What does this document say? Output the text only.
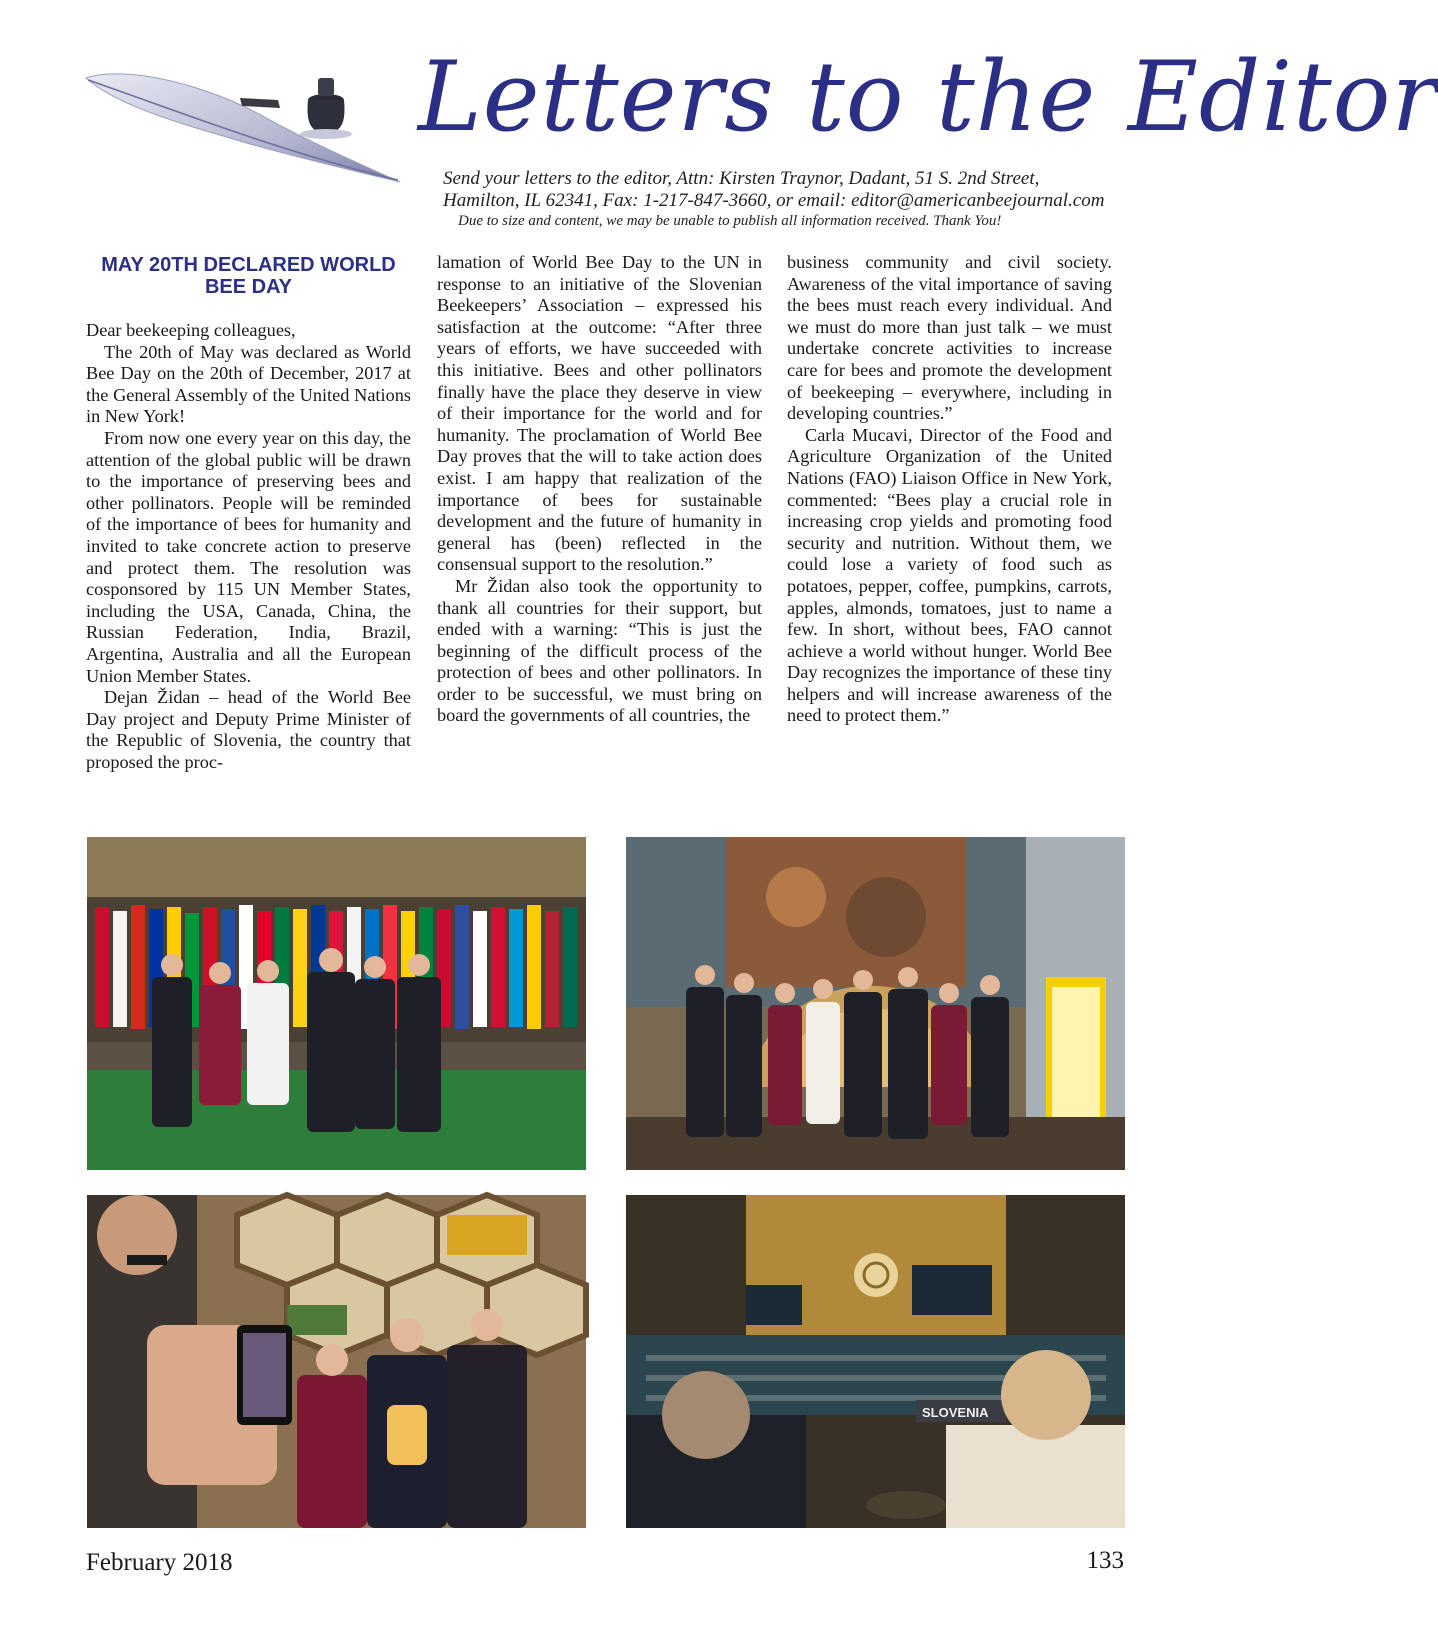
Letters to the Editor
Send your letters to the editor, Attn: Kirsten Traynor, Dadant, 51 S. 2nd Street,
Hamilton, IL 62341, Fax: 1-217-847-3660, or email: editor@americanbeejournal.com
Due to size and content, we may be unable to publish all information received. Thank You!
MAY 20TH DECLARED WORLD BEE DAY

Dear beekeeping colleagues,

The 20th of May was declared as World Bee Day on the 20th of December, 2017 at the General Assembly of the United Nations in New York!

From now one every year on this day, the attention of the global public will be drawn to the importance of preserving bees and other pollinators. People will be reminded of the importance of bees for humanity and invited to take concrete action to preserve and protect them. The resolution was cosponsored by 115 UN Member States, including the USA, Canada, China, the Russian Federation, India, Brazil, Argentina, Australia and all the European Union Member States.

Dejan Židan – head of the World Bee Day project and Deputy Prime Minister of the Republic of Slovenia, the country that proposed the proc-

lamation of World Bee Day to the UN in response to an initiative of the Slovenian Beekeepers’ Association – expressed his satisfaction at the outcome: “After three years of efforts, we have succeeded with this initiative. Bees and other pollinators finally have the place they deserve in view of their importance for the world and for humanity. The proclamation of World Bee Day proves that the will to take action does exist. I am happy that realization of the importance of bees for sustainable development and the future of humanity in general has (been) reflected in the consensual support to the resolution.”

Mr Židan also took the opportunity to thank all countries for their support, but ended with a warning: “This is just the beginning of the difficult process of the protection of bees and other pollinators. In order to be successful, we must bring on board the governments of all countries, the

business community and civil society. Awareness of the vital importance of saving the bees must reach every individual. And we must do more than just talk – we must undertake concrete activities to increase care for bees and promote the development of beekeeping – everywhere, including in developing countries.”

Carla Mucavi, Director of the Food and Agriculture Organization of the United Nations (FAO) Liaison Office in New York, commented: “Bees play a crucial role in increasing crop yields and promoting food security and nutrition. Without them, we could lose a variety of food such as potatoes, pepper, coffee, pumpkins, carrots, apples, almonds, tomatoes, just to name a few. In short, without bees, FAO cannot achieve a world without hunger. World Bee Day recognizes the importance of these tiny helpers and will increase awareness of the need to protect them.”

SLOVENIA
February 2018	133
